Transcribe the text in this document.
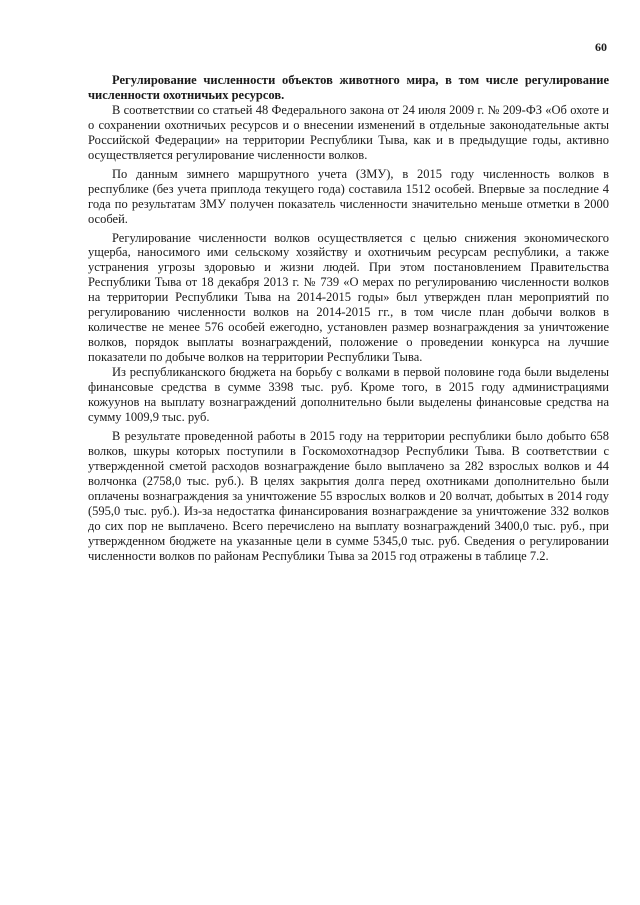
60

Регулирование численности объектов животного мира, в том числе регулирование численности охотничьих ресурсов.

В соответствии со статьей 48 Федерального закона от 24 июля 2009 г. № 209-ФЗ «Об охоте и о сохранении охотничьих ресурсов и о внесении изменений в отдельные законодательные акты Российской Федерации» на территории Республики Тыва, как и в предыдущие годы, активно осуществляется регулирование численности волков.

По данным зимнего маршрутного учета (ЗМУ), в 2015 году численность волков в республике (без учета приплода текущего года) составила 1512 особей. Впервые за последние 4 года по результатам ЗМУ получен показатель численности значительно меньше отметки в 2000 особей.

Регулирование численности волков осуществляется с целью снижения экономического ущерба, наносимого ими сельскому хозяйству и охотничьим ресурсам республики, а также устранения угрозы здоровью и жизни людей. При этом постановлением Правительства Республики Тыва от 18 декабря 2013 г. № 739 «О мерах по регулированию численности волков на территории Республики Тыва на 2014-2015 годы» был утвержден план мероприятий по регулированию численности волков на 2014-2015 гг., в том числе план добычи волков в количестве не менее 576 особей ежегодно, установлен размер вознаграждения за уничтожение волков, порядок выплаты вознаграждений, положение о проведении конкурса на лучшие показатели по добыче волков на территории Республики Тыва.

Из республиканского бюджета на борьбу с волками в первой половине года были выделены финансовые средства в сумме 3398 тыс. руб. Кроме того, в 2015 году администрациями кожуунов на выплату вознаграждений дополнительно были выделены финансовые средства на сумму 1009,9 тыс. руб.

В результате проведенной работы в 2015 году на территории республики было добыто 658 волков, шкуры которых поступили в Госкомохотнадзор Республики Тыва. В соответствии с утвержденной сметой расходов вознаграждение было выплачено за 282 взрослых волков и 44 волчонка (2758,0 тыс. руб.). В целях закрытия долга перед охотниками дополнительно были оплачены вознаграждения за уничтожение 55 взрослых волков и 20 волчат, добытых в 2014 году (595,0 тыс. руб.). Из-за недостатка финансирования вознаграждение за уничтожение 332 волков до сих пор не выплачено. Всего перечислено на выплату вознаграждений 3400,0 тыс. руб., при утвержденном бюджете на указанные цели в сумме 5345,0 тыс. руб. Сведения о регулировании численности волков по районам Республики Тыва за 2015 год отражены в таблице 7.2.
